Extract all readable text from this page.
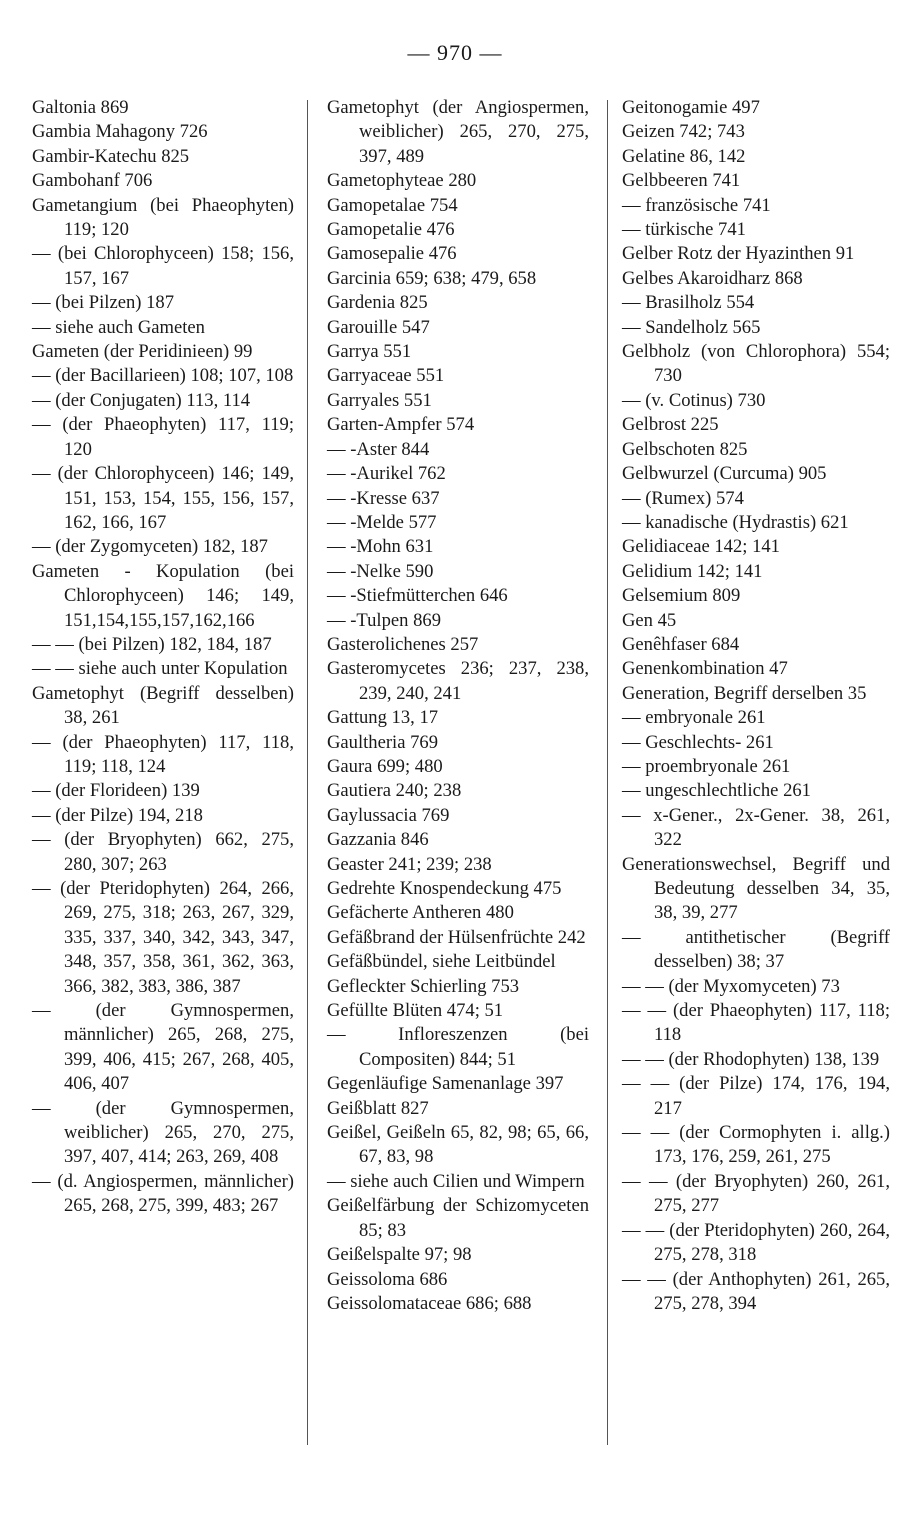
— 970 —

Galtonia 869

Gambia Mahagony 726

Gambir-Katechu 825

Gambohanf 706

Gametangium (bei Phaeophyten) 119; 120

— (bei Chlorophyceen) 158; 156, 157, 167

— (bei Pilzen) 187

— siehe auch Gameten

Gameten (der Peridinieen) 99

— (der Bacillarieen) 108; 107, 108

— (der Conjugaten) 113, 114

— (der Phaeophyten) 117, 119; 120

— (der Chlorophyceen) 146; 149, 151, 153, 154, 155, 156, 157, 162, 166, 167

— (der Zygomyceten) 182, 187

Gameten - Kopulation (bei Chlorophyceen) 146; 149, 151,154,155,157,162,166

— — (bei Pilzen) 182, 184, 187

— — siehe auch unter Kopulation

Gametophyt (Begriff desselben) 38, 261

— (der Phaeophyten) 117, 118, 119; 118, 124

— (der Florideen) 139

— (der Pilze) 194, 218

— (der Bryophyten) 662, 275, 280, 307; 263

— (der Pteridophyten) 264, 266, 269, 275, 318; 263, 267, 329, 335, 337, 340, 342, 343, 347, 348, 357, 358, 361, 362, 363, 366, 382, 383, 386, 387

— (der Gymnospermen, männlicher) 265, 268, 275, 399, 406, 415; 267, 268, 405, 406, 407

— (der Gymnospermen, weiblicher) 265, 270, 275, 397, 407, 414; 263, 269, 408

— (d. Angiospermen, männlicher) 265, 268, 275, 399, 483; 267

Gametophyt (der Angiospermen, weiblicher) 265, 270, 275, 397, 489

Gametophyteae 280

Gamopetalae 754

Gamopetalie 476

Gamosepalie 476

Garcinia 659; 638; 479, 658

Gardenia 825

Garouille 547

Garrya 551

Garryaceae 551

Garryales 551

Garten-Ampfer 574

— -Aster 844

— -Aurikel 762

— -Kresse 637

— -Melde 577

— -Mohn 631

— -Nelke 590

— -Stiefmütterchen 646

— -Tulpen 869

Gasterolichenes 257

Gasteromycetes 236; 237, 238, 239, 240, 241

Gattung 13, 17

Gaultheria 769

Gaura 699; 480

Gautiera 240; 238

Gaylussacia 769

Gazzania 846

Geaster 241; 239; 238

Gedrehte Knospendeckung 475

Gefächerte Antheren 480

Gefäßbrand der Hülsenfrüchte 242

Gefäßbündel, siehe Leitbündel

Gefleckter Schierling 753

Gefüllte Blüten 474; 51

— Infloreszenzen (bei Compositen) 844; 51

Gegenläufige Samenanlage 397

Geißblatt 827

Geißel, Geißeln 65, 82, 98; 65, 66, 67, 83, 98

— siehe auch Cilien und Wimpern

Geißelfärbung der Schizomyceten 85; 83

Geißelspalte 97; 98

Geissoloma 686

Geissolomataceae 686; 688

Geitonogamie 497

Geizen 742; 743

Gelatine 86, 142

Gelbbeeren 741

— französische 741

— türkische 741

Gelber Rotz der Hyazinthen 91

Gelbes Akaroidharz 868

— Brasilholz 554

— Sandelholz 565

Gelbholz (von Chlorophora) 554; 730

— (v. Cotinus) 730

Gelbrost 225

Gelbschoten 825

Gelbwurzel (Curcuma) 905

— (Rumex) 574

— kanadische (Hydrastis) 621

Gelidiaceae 142; 141

Gelidium 142; 141

Gelsemium 809

Gen 45

Genêhfaser 684

Genenkombination 47

Generation, Begriff derselben 35

— embryonale 261

— Geschlechts- 261

— proembryonale 261

— ungeschlechtliche 261

— x-Gener., 2x-Gener. 38, 261, 322

Generationswechsel, Begriff und Bedeutung desselben 34, 35, 38, 39, 277

— antithetischer (Begriff desselben) 38; 37

— — (der Myxomyceten) 73

— — (der Phaeophyten) 117, 118; 118

— — (der Rhodophyten) 138, 139

— — (der Pilze) 174, 176, 194, 217

— — (der Cormophyten i. allg.) 173, 176, 259, 261, 275

— — (der Bryophyten) 260, 261, 275, 277

— — (der Pteridophyten) 260, 264, 275, 278, 318

— — (der Anthophyten) 261, 265, 275, 278, 394
